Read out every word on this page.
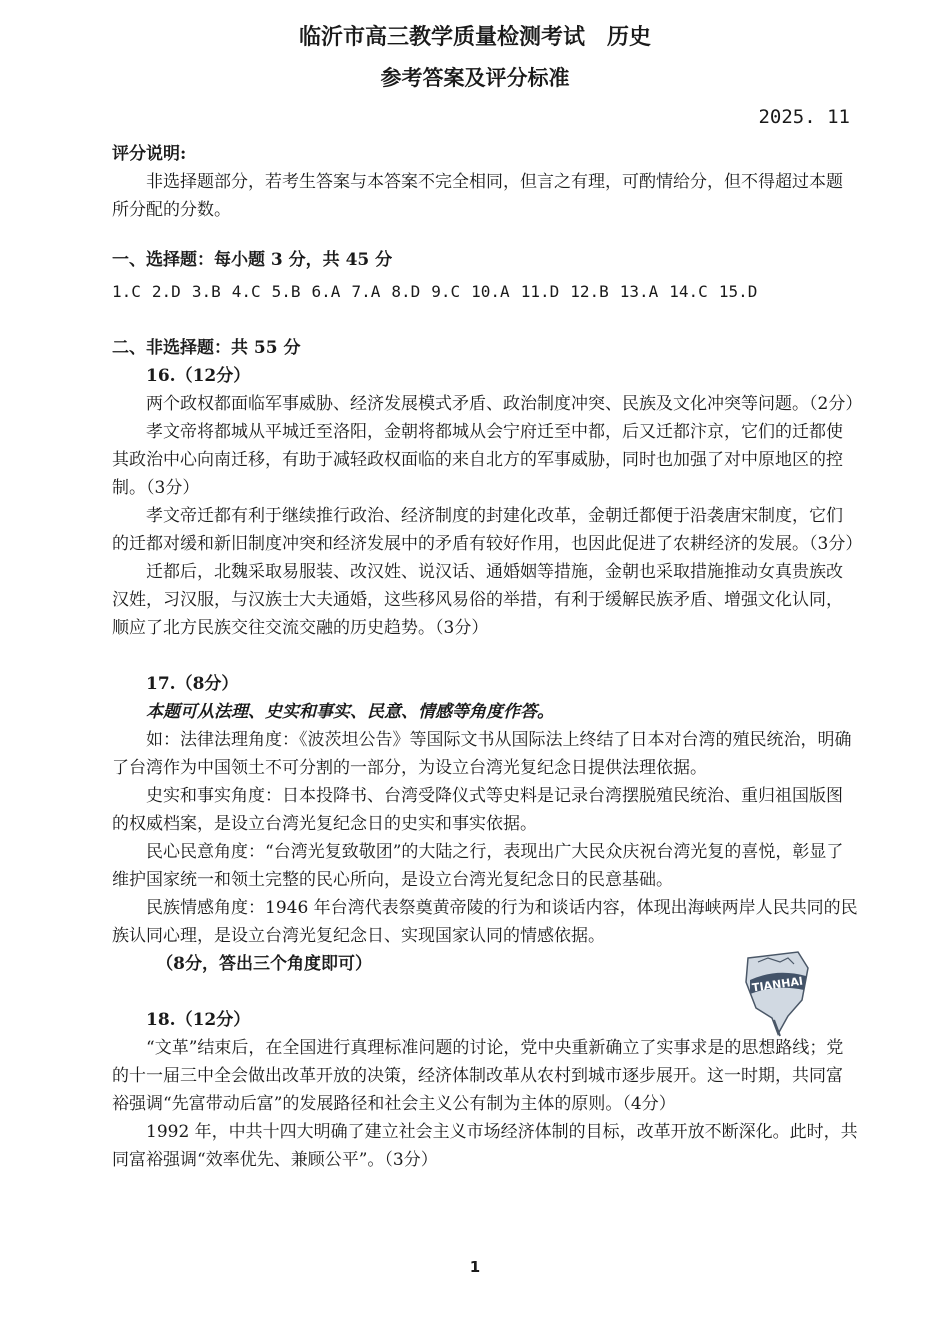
临沂市高三教学质量检测考试　历史
参考答案及评分标准
2025. 11

评分说明:

非选择题部分，若考生答案与本答案不完全相同，但言之有理，可酌情给分，但不得超过本题所分配的分数。

一、选择题：每小题 3 分，共 45 分

1.C 2.D 3.B 4.C 5.B 6.A 7.A 8.D 9.C 10.A 11.D 12.B 13.A 14.C 15.D

二、非选择题：共 55 分

16.（12分）

两个政权都面临军事威胁、经济发展模式矛盾、政治制度冲突、民族及文化冲突等问题。（2分）

孝文帝将都城从平城迁至洛阳，金朝将都城从会宁府迁至中都，后又迁都汴京，它们的迁都使其政治中心向南迁移，有助于减轻政权面临的来自北方的军事威胁，同时也加强了对中原地区的控制。（3分）

孝文帝迁都有利于继续推行政治、经济制度的封建化改革，金朝迁都便于沿袭唐宋制度，它们的迁都对缓和新旧制度冲突和经济发展中的矛盾有较好作用，也因此促进了农耕经济的发展。（3分）

迁都后，北魏采取易服装、改汉姓、说汉话、通婚姻等措施，金朝也采取措施推动女真贵族改汉姓，习汉服，与汉族士大夫通婚，这些移风易俗的举措，有利于缓解民族矛盾、增强文化认同，顺应了北方民族交往交流交融的历史趋势。（3分）

17.（8分）

本题可从法理、史实和事实、民意、情感等角度作答。

如：法律法理角度：《波茨坦公告》等国际文书从国际法上终结了日本对台湾的殖民统治，明确了台湾作为中国领土不可分割的一部分，为设立台湾光复纪念日提供法理依据。

史实和事实角度：日本投降书、台湾受降仪式等史料是记录台湾摆脱殖民统治、重归祖国版图的权威档案，是设立台湾光复纪念日的史实和事实依据。

民心民意角度：“台湾光复致敬团”的大陆之行，表现出广大民众庆祝台湾光复的喜悦，彰显了维护国家统一和领土完整的民心所向，是设立台湾光复纪念日的民意基础。

民族情感角度：1946 年台湾代表祭奠黄帝陵的行为和谈话内容，体现出海峡两岸人民共同的民族认同心理，是设立台湾光复纪念日、实现国家认同的情感依据。

（8分，答出三个角度即可）

18.（12分）

“文革”结束后，在全国进行真理标准问题的讨论，党中央重新确立了实事求是的思想路线；党的十一届三中全会做出改革开放的决策，经济体制改革从农村到城市逐步展开。这一时期，共同富裕强调“先富带动后富”的发展路径和社会主义公有制为主体的原则。（4分）

1992 年，中共十四大明确了建立社会主义市场经济体制的目标，改革开放不断深化。此时，共同富裕强调“效率优先、兼顾公平”。（3分）

TIANHAI
1
